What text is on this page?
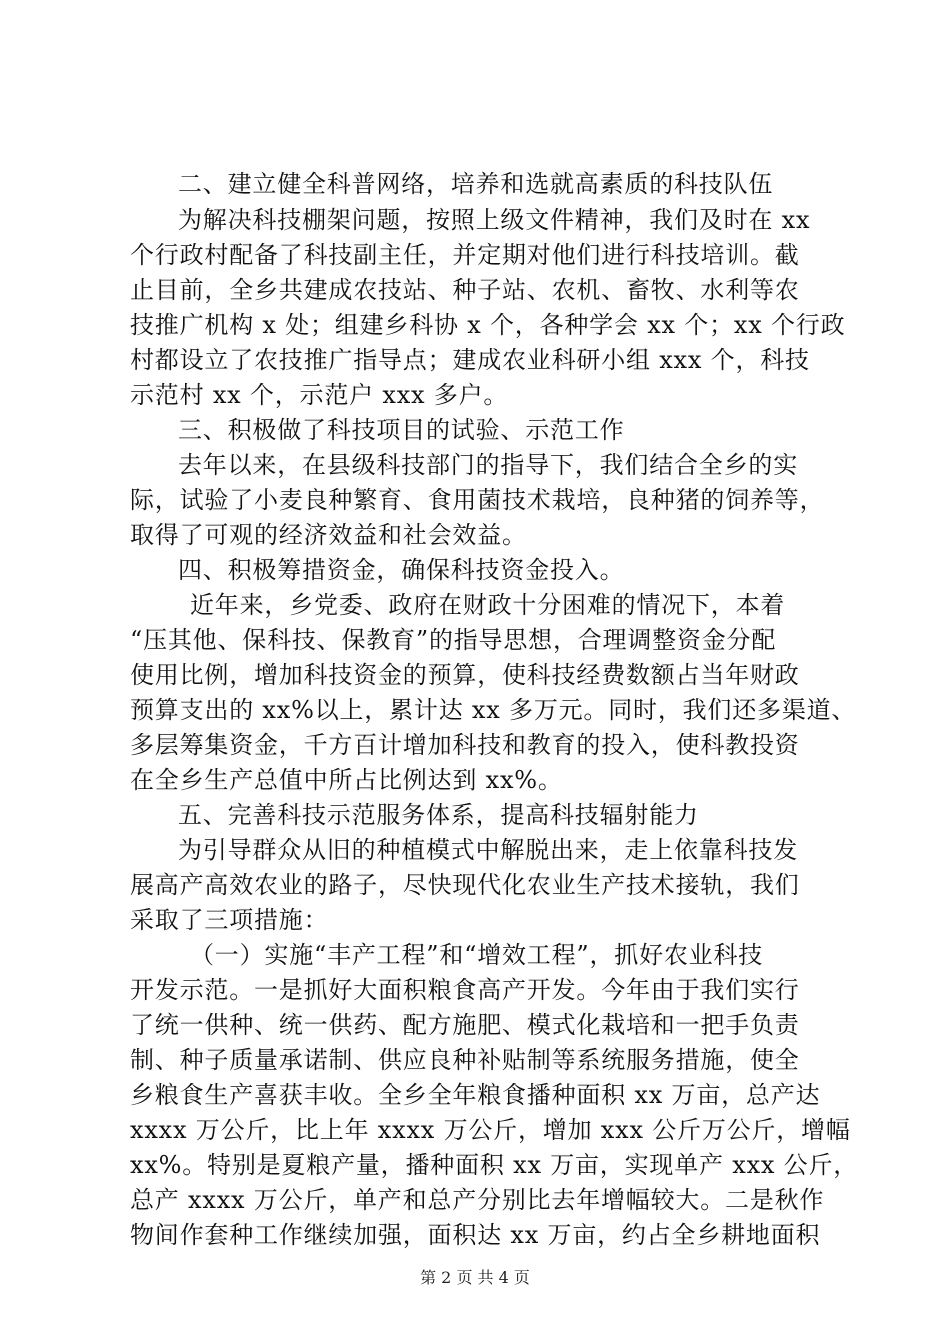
二、建立健全科普网络，培养和选就高素质的科技队伍
为解决科技棚架问题，按照上级文件精神，我们及时在 xx
个行政村配备了科技副主任，并定期对他们进行科技培训。截
止目前，全乡共建成农技站、种子站、农机、畜牧、水利等农
技推广机构 x 处；组建乡科协 x 个，各种学会 xx 个；xx 个行政
村都设立了农技推广指导点；建成农业科研小组 xxx 个，科技
示范村 xx 个，示范户 xxx 多户。
三、积极做了科技项目的试验、示范工作
去年以来，在县级科技部门的指导下，我们结合全乡的实
际，试验了小麦良种繁育、食用菌技术栽培，良种猪的饲养等，
取得了可观的经济效益和社会效益。
四、积极筹措资金，确保科技资金投入。
近年来，乡党委、政府在财政十分困难的情况下，本着
“压其他、保科技、保教育”的指导思想，合理调整资金分配
使用比例，增加科技资金的预算，使科技经费数额占当年财政
预算支出的 xx%以上，累计达 xx 多万元。同时，我们还多渠道、
多层筹集资金，千方百计增加科技和教育的投入，使科教投资
在全乡生产总值中所占比例达到 xx%。
五、完善科技示范服务体系，提高科技辐射能力
为引导群众从旧的种植模式中解脱出来，走上依靠科技发
展高产高效农业的路子，尽快现代化农业生产技术接轨，我们
采取了三项措施：
（一）实施“丰产工程”和“增效工程”，抓好农业科技
开发示范。一是抓好大面积粮食高产开发。今年由于我们实行
了统一供种、统一供药、配方施肥、模式化栽培和一把手负责
制、种子质量承诺制、供应良种补贴制等系统服务措施，使全
乡粮食生产喜获丰收。全乡全年粮食播种面积 xx 万亩，总产达
xxxx 万公斤，比上年 xxxx 万公斤，增加 xxx 公斤万公斤，增幅
xx%。特别是夏粮产量，播种面积 xx 万亩，实现单产 xxx 公斤，
总产 xxxx 万公斤，单产和总产分别比去年增幅较大。二是秋作
物间作套种工作继续加强，面积达 xx 万亩，约占全乡耕地面积
第 2 页 共 4 页
